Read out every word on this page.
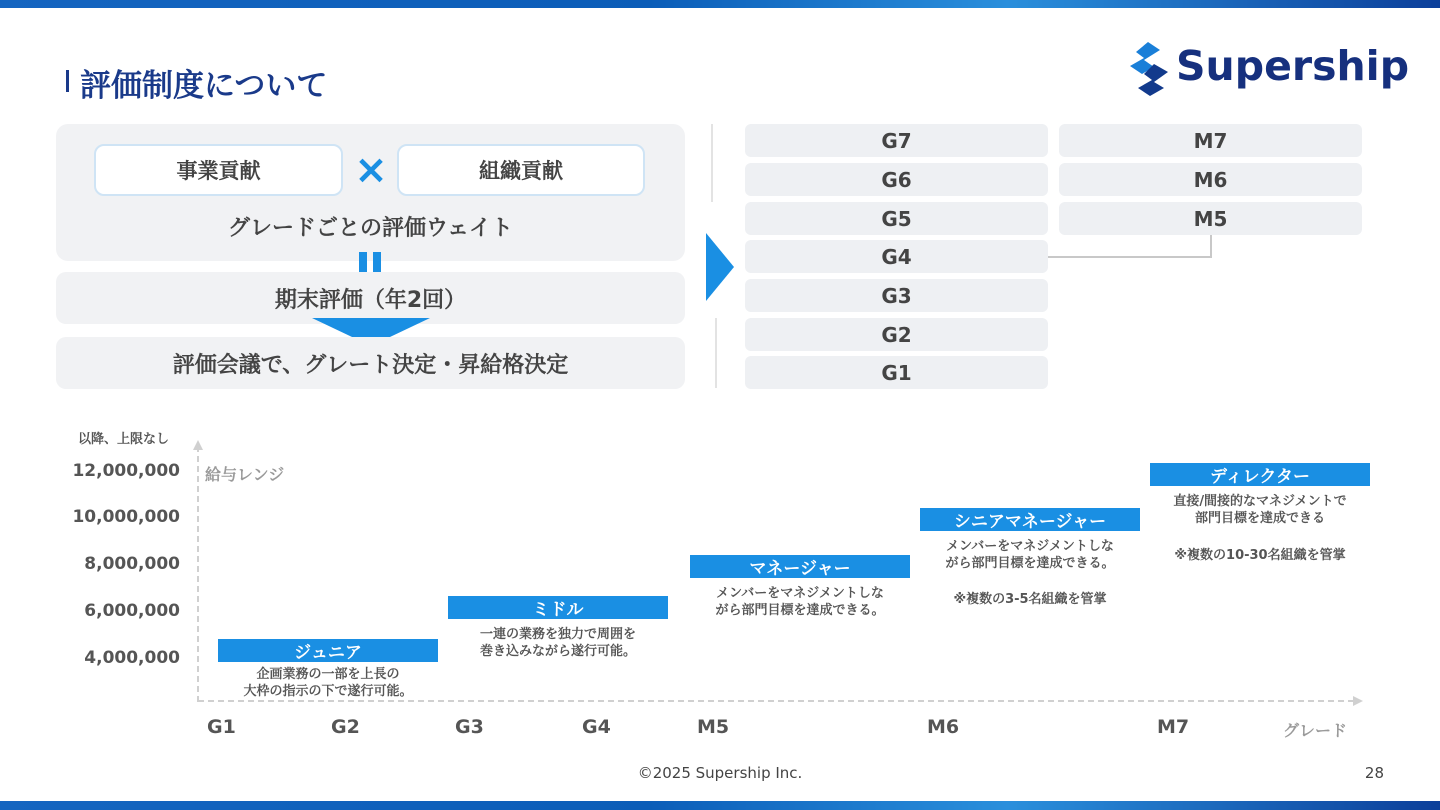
評価制度について	Supership
事業貢献 ×	組織貢献
グレードごとの評価ウェイト
期末評価（年2回）
評価会議で、グレート決定・昇給格決定
G7
G6
G5
G4
G3
G2
G1
M7
M6
M5
以降、上限なし
12,000,000
10,000,000
8,000,000
6,000,000
4,000,000
給与レンジ
G1	G2	G3	G4	M5	M6	M7	グレード
ジュニア
企画業務の一部を上長の
大枠の指示の下で遂行可能。
ミドル
一連の業務を独力で周囲を
巻き込みながら遂行可能。
マネージャー
メンバーをマネジメントしな
がら部門目標を達成できる。
シニアマネージャー
メンバーをマネジメントしな
がら部門目標を達成できる。
※複数の3-5名組織を管掌
ディレクター
直接/間接的なマネジメントで
部門目標を達成できる
※複数の10-30名組織を管掌
©2025 Supership Inc.	28
